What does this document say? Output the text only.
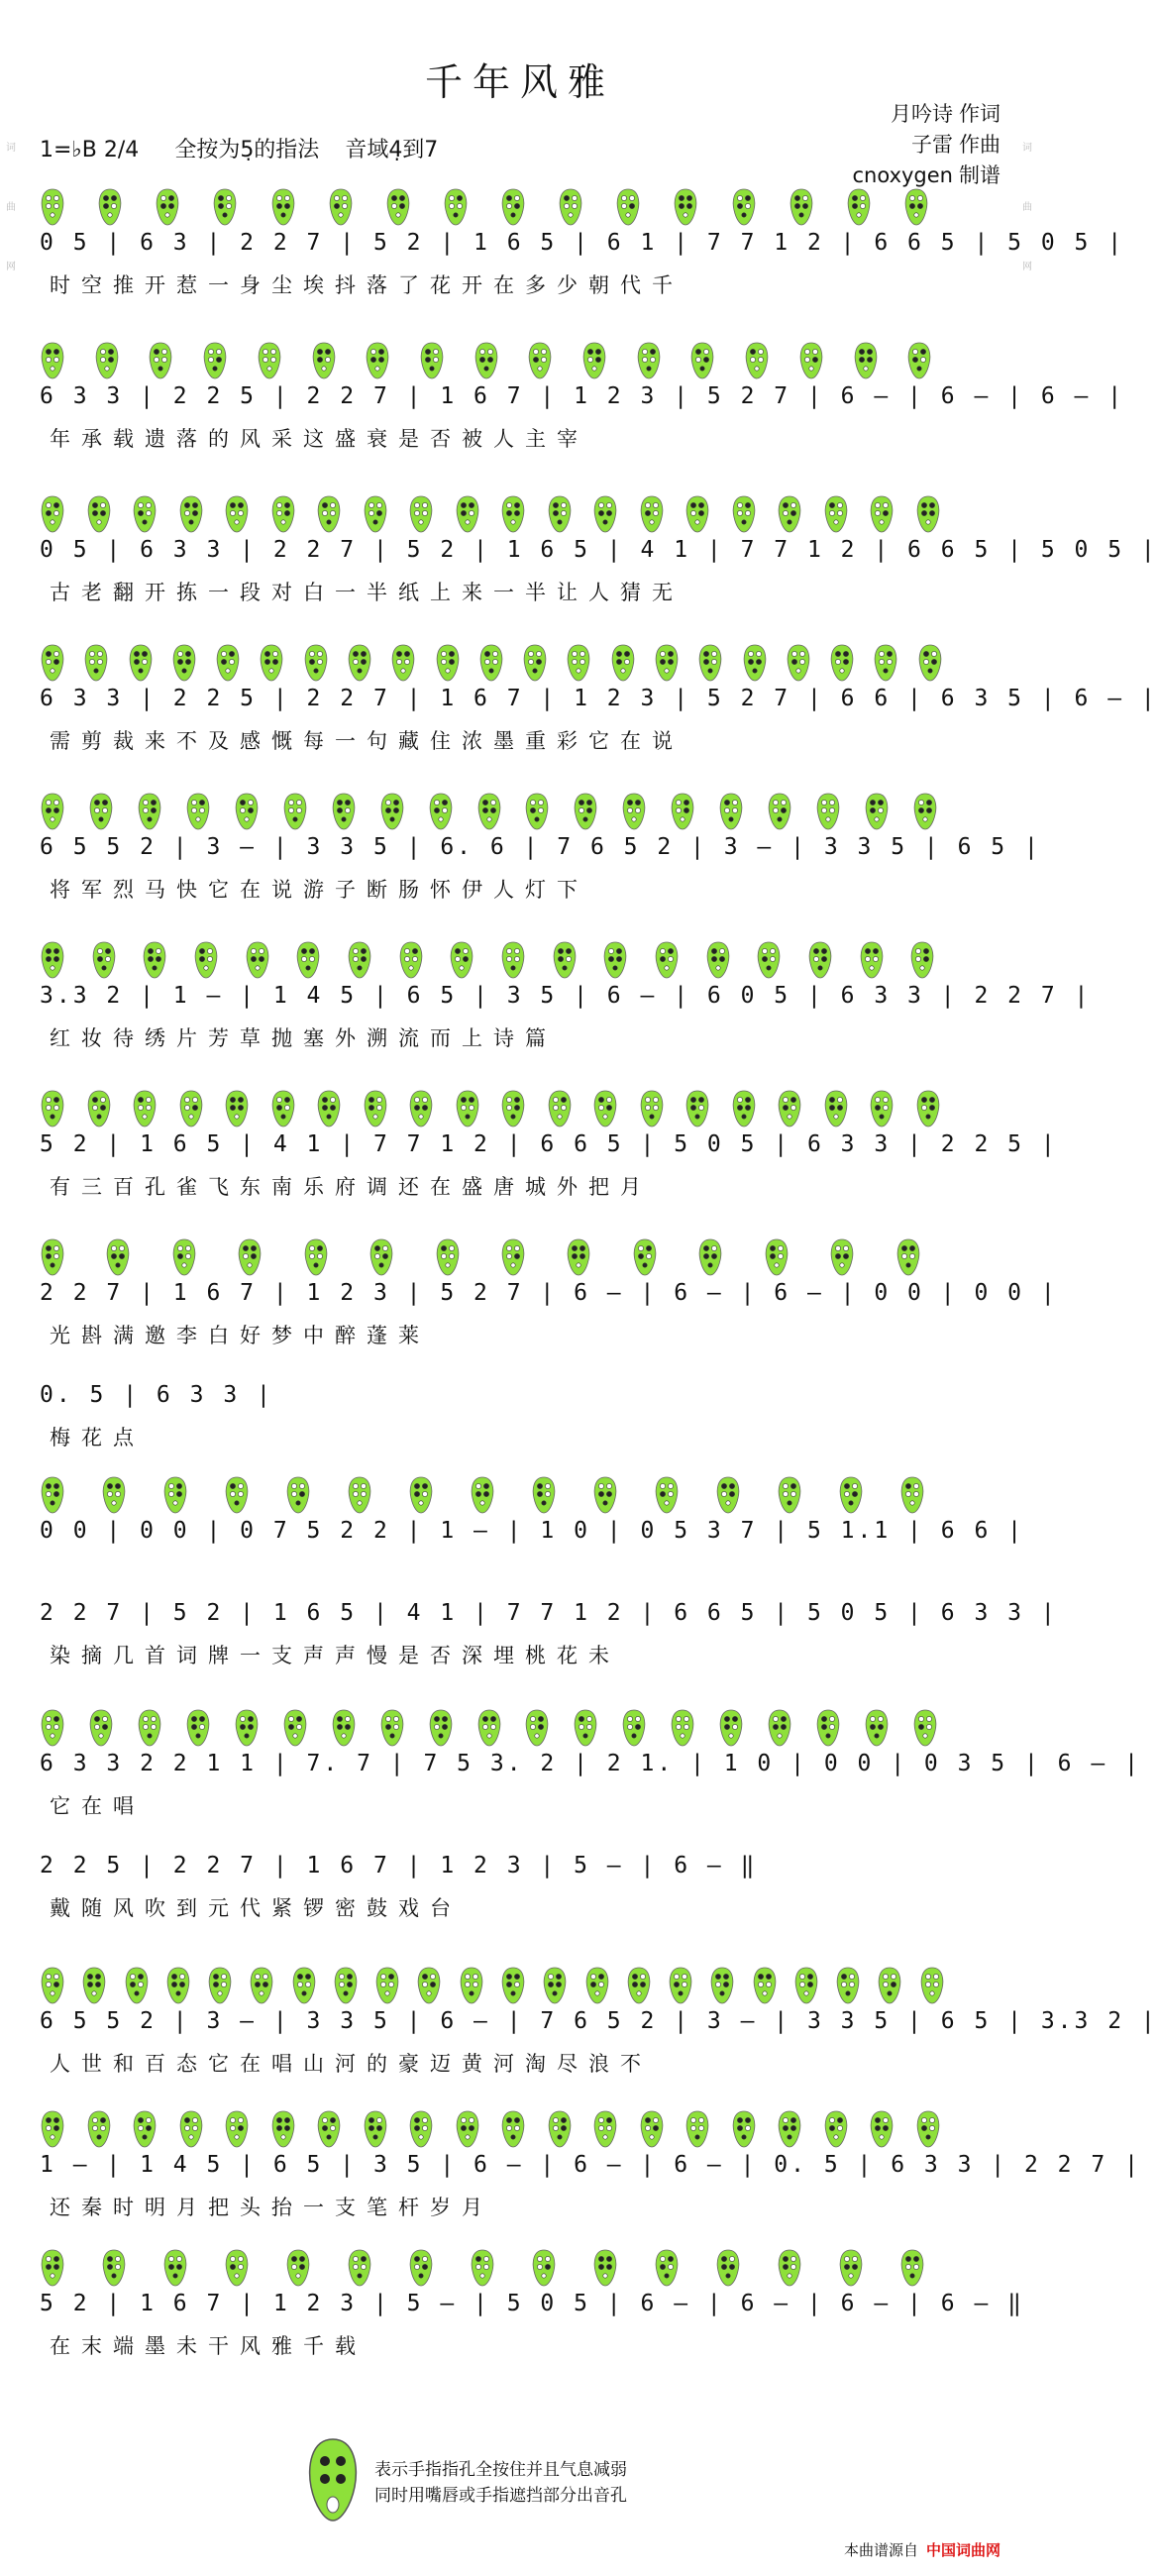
千年风雅
月吟诗 作词
子雷 作曲
cnoxygen 制谱
1=♭B 2/4 全按为5̣的指法 音域4̣到7
0 5 | 6 3 | 2 2 7 | 5 2 | 1 6 5 | 6 1 | 7 7 1 2 | 6 6 5 | 5 0 5 |
时空推开惹一身尘埃抖落了花开在多少朝代千
6 3 3 | 2 2 5 | 2 2 7 | 1 6 7 | 1 2 3 | 5 2 7 | 6 — | 6 — | 6 — |
年承载遗落的风采这盛衰是否被人主宰
0 5 | 6 3 3 | 2 2 7 | 5 2 | 1 6 5 | 4 1 | 7 7 1 2 | 6 6 5 | 5 0 5 |
古老翻开拣一段对白一半纸上来一半让人猜无
6 3 3 | 2 2 5 | 2 2 7 | 1 6 7 | 1 2 3 | 5 2 7 | 6 6 | 6 3 5 | 6 — |
需剪裁来不及感慨每一句藏住浓墨重彩它在说
6 5 5 2 | 3 — | 3 3 5 | 6. 6 | 7 6 5 2 | 3 — | 3 3 5 | 6 5 |
将军烈马快它在说游子断肠怀伊人灯下
3.3 2 | 1 — | 1 4 5 | 6 5 | 3 5 | 6 — | 6 0 5 | 6 3 3 | 2 2 7 |
红妆待绣片芳草抛塞外溯流而上诗篇
5 2 | 1 6 5 | 4 1 | 7 7 1 2 | 6 6 5 | 5 0 5 | 6 3 3 | 2 2 5 |
有三百孔雀飞东南乐府调还在盛唐城外把月
2 2 7 | 1 6 7 | 1 2 3 | 5 2 7 | 6 — | 6 — | 6 — | 0 0 | 0 0 |
光斟满邀李白好梦中醉蓬莱
0. 5 | 6 3 3 |
梅花点
0 0 | 0 0 | 0 7 5 2 2 | 1 — | 1 0 | 0 5 3 7 | 5 1.1 | 6 6 |
2 2 7 | 5 2 | 1 6 5 | 4 1 | 7 7 1 2 | 6 6 5 | 5 0 5 | 6 3 3 |
染摘几首词牌一支声声慢是否深埋桃花未
6 3 3 2 2 1 1 | 7. 7 | 7 5 3. 2 | 2 1. | 1 0 | 0 0 | 0 3 5 | 6 — |
它在唱
2 2 5 | 2 2 7 | 1 6 7 | 1 2 3 | 5 — | 6 — ‖
戴随风吹到元代紧锣密鼓戏台
6 5 5 2 | 3 — | 3 3 5 | 6 — | 7 6 5 2 | 3 — | 3 3 5 | 6 5 | 3.3 2 |
人世和百态它在唱山河的豪迈黄河淘尽浪不
1 — | 1 4 5 | 6 5 | 3 5 | 6 — | 6 — | 6 — | 0. 5 | 6 3 3 | 2 2 7 |
还秦时明月把头抬一支笔杆岁月
5 2 | 1 6 7 | 1 2 3 | 5 — | 5 0 5 | 6 — | 6 — | 6 — | 6 — ‖
在末端墨未干风雅千载
表示手指指孔全按住并且气息减弱
同时用嘴唇或手指遮挡部分出音孔
本曲谱源自 中国词曲网
词曲网
词曲网
